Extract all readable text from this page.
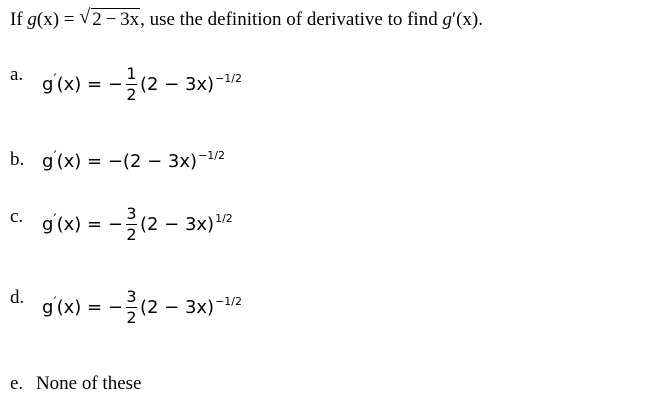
If g(x) = √ 2 − 3x, use the definition of derivative to find g′(x).
a. g ′ (x) = − $\frac{1}{2} (2 - 3x)^{-1/2}$
b. g ′ $(x) = -(2 - 3x)^{-1/2}$
c. g ′ (x) = − $\frac{3}{2} (2 - 3x)^{1/2}$
d. g ′ (x) = − $\frac{3}{2} (2 - 3x)^{-1/2}$
e. None of these
